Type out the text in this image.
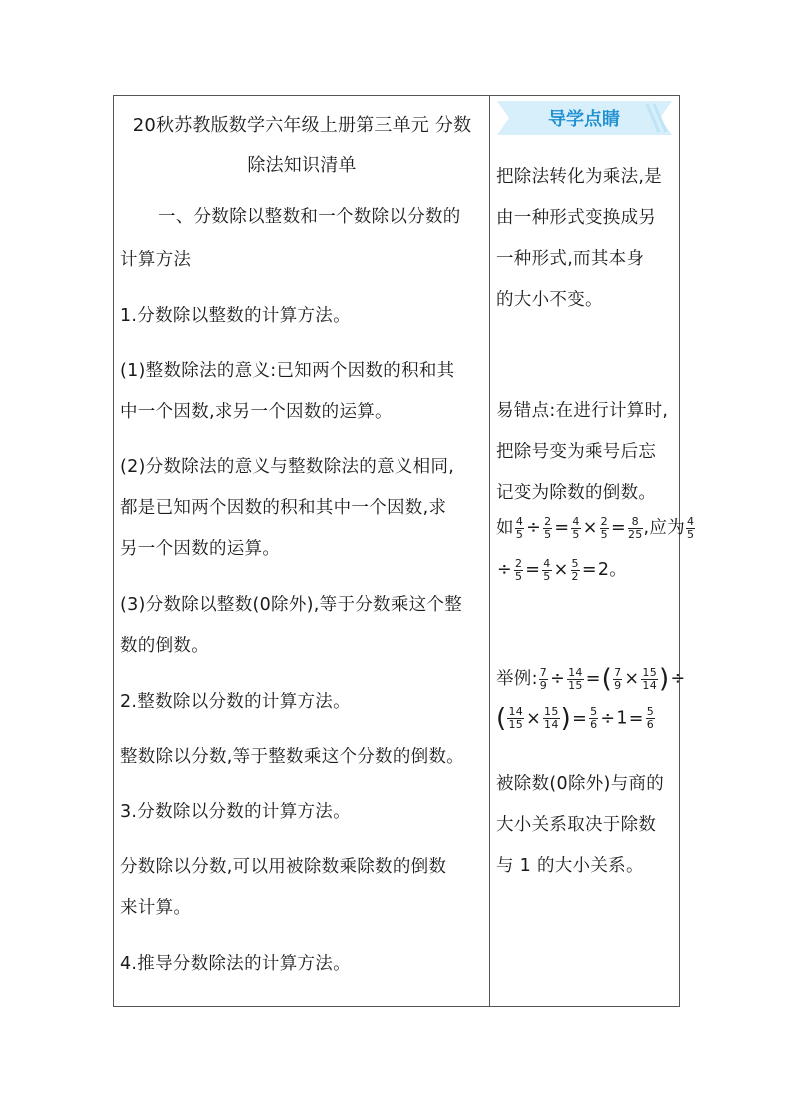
20秋苏教版数学六年级上册第三单元 分数
除法知识清单
一、分数除以整数和一个数除以分数的
计算方法
1.分数除以整数的计算方法。
(1)整数除法的意义:已知两个因数的积和其
中一个因数,求另一个因数的运算。
(2)分数除法的意义与整数除法的意义相同,
都是已知两个因数的积和其中一个因数,求
另一个因数的运算。
(3)分数除以整数(0除外),等于分数乘这个整
数的倒数。
2.整数除以分数的计算方法。
整数除以分数,等于整数乘这个分数的倒数。
3.分数除以分数的计算方法。
分数除以分数,可以用被除数乘除数的倒数
来计算。
4.推导分数除法的计算方法。
导学点睛
把除法转化为乘法,是
由一种形式变换成另
一种形式,而其本身
的大小不变。
易错点:在进行计算时,
把除号变为乘号后忘
记变为除数的倒数。
如 $\frac{4}{5} \div \frac{2}{5} = \frac{4}{5} \times \frac{2}{5} = \frac{8}{25}$ ,应为 $\frac{4}{5}$
÷ $\frac{2}{5} = \frac{4}{5} \times \frac{5}{2} =2$。
举例: $\frac{7}{9} \div \frac{14}{15}$ =( $\frac{7}{9} \times \frac{15}{14}$ )÷
( $\frac{14}{15} \times \frac{15}{14}$ )= $\frac{5}{6} \div 1= \frac{5}{6}$
被除数(0除外)与商的
大小关系取决于除数
与 1 的大小关系。
